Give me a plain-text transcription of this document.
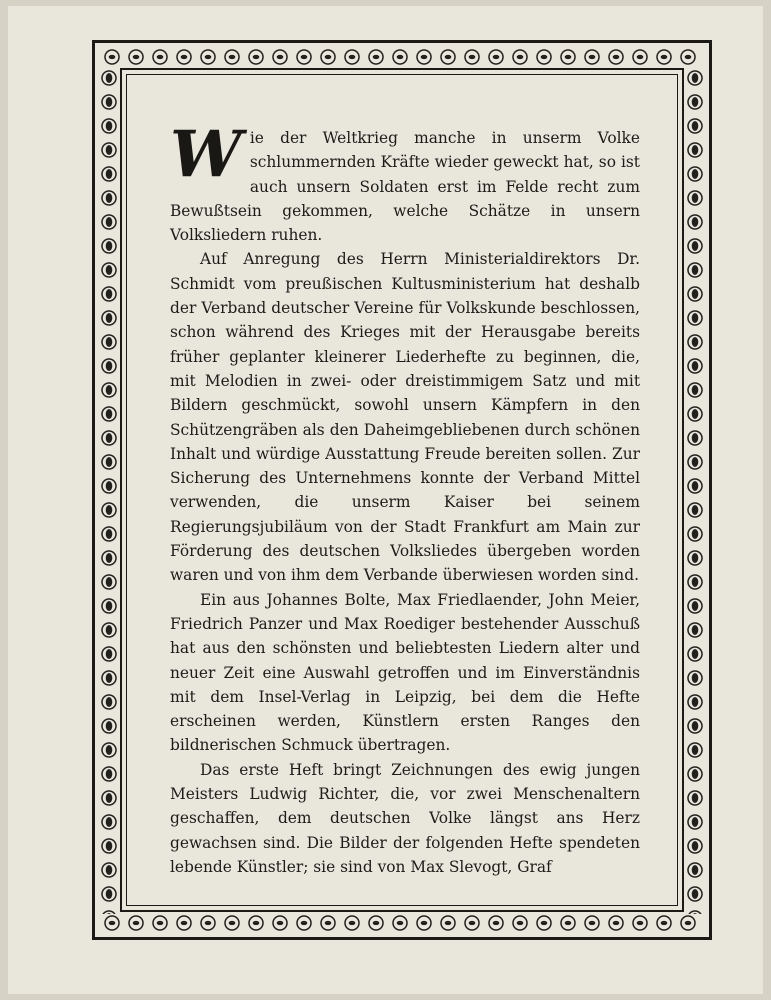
Wie der Weltkrieg manche in unserm Volke schlummernden Kräfte wieder geweckt hat, so ist auch unsern Soldaten erst im Felde recht zum Bewußtsein gekommen, welche Schätze in unsern Volksliedern ruhen.

Auf Anregung des Herrn Ministerialdirektors Dr. Schmidt vom preußischen Kultusministerium hat deshalb der Verband deutscher Vereine für Volkskunde beschlossen, schon während des Krieges mit der Herausgabe bereits früher geplanter kleinerer Liederhefte zu beginnen, die, mit Melodien in zwei- oder dreistimmigem Satz und mit Bildern geschmückt, sowohl unsern Kämpfern in den Schützengräben als den Daheimgebliebenen durch schönen Inhalt und würdige Ausstattung Freude bereiten sollen. Zur Sicherung des Unternehmens konnte der Verband Mittel verwenden, die unserm Kaiser bei seinem Regierungsjubiläum von der Stadt Frankfurt am Main zur Förderung des deutschen Volksliedes übergeben worden waren und von ihm dem Verbande überwiesen worden sind.

Ein aus Johannes Bolte, Max Friedlaender, John Meier, Friedrich Panzer und Max Roediger bestehender Ausschuß hat aus den schönsten und beliebtesten Liedern alter und neuer Zeit eine Auswahl getroffen und im Einverständnis mit dem Insel-Verlag in Leipzig, bei dem die Hefte erscheinen werden, Künstlern ersten Ranges den bildnerischen Schmuck übertragen.

Das erste Heft bringt Zeichnungen des ewig jungen Meisters Ludwig Richter, die, vor zwei Menschenaltern geschaffen, dem deutschen Volke längst ans Herz gewachsen sind. Die Bilder der folgenden Hefte spendeten lebende Künstler; sie sind von Max Slevogt, Graf
